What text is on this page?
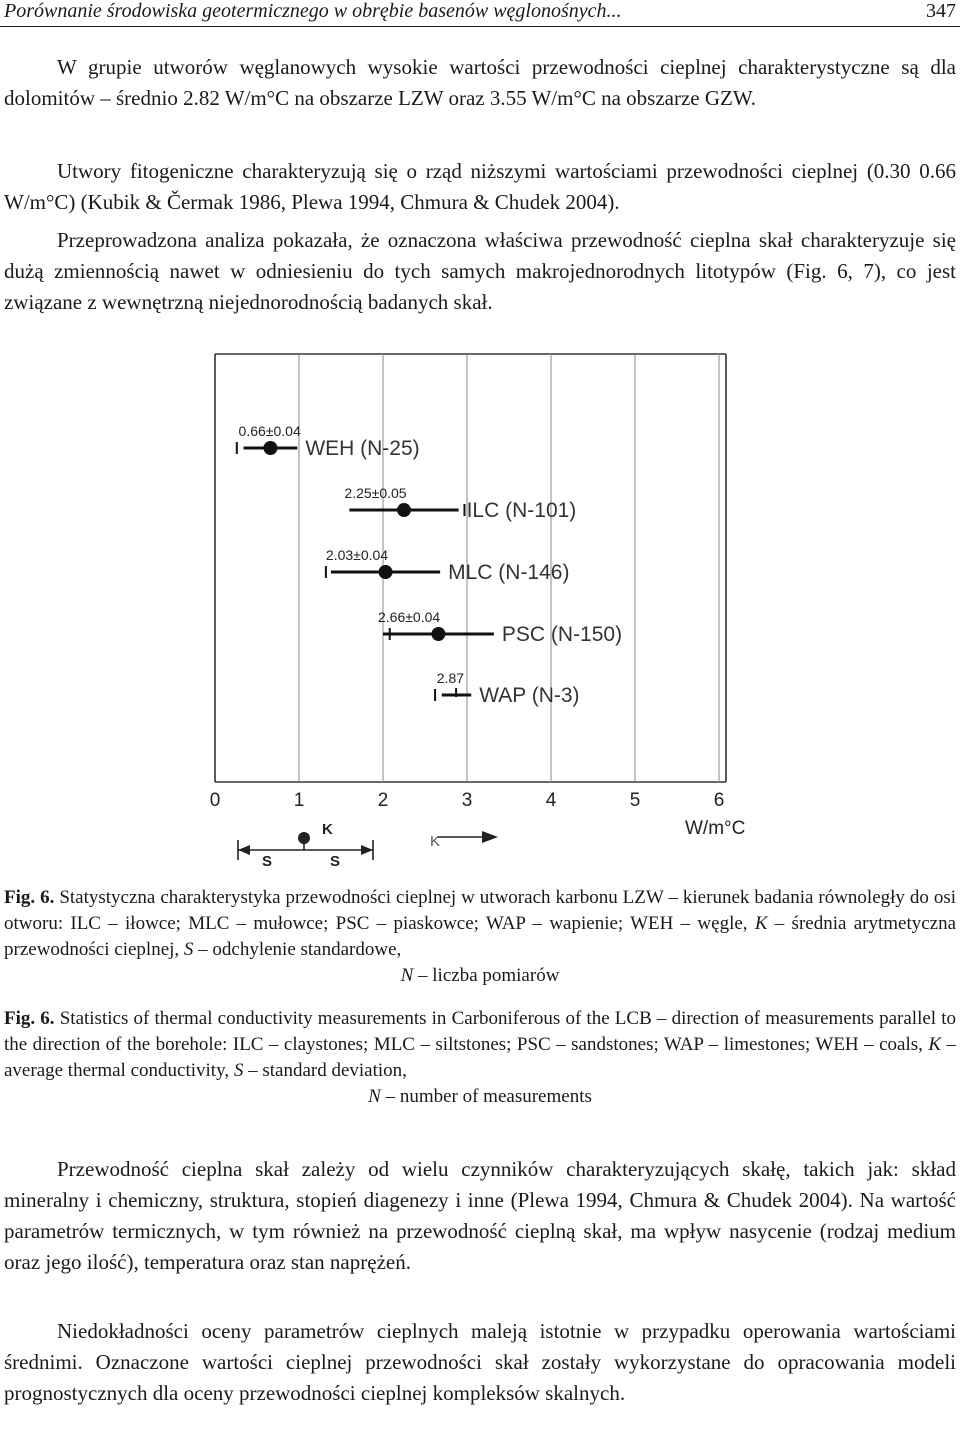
Porównanie środowiska geotermicznego w obrębie basenów węglonośnych...	347

W grupie utworów węglanowych wysokie wartości przewodności cieplnej charakterystyczne są dla dolomitów – średnio 2.82 W/m°C na obszarze LZW oraz 3.55 W/m°C na obszarze GZW.

Utwory fitogeniczne charakteryzują się o rząd niższymi wartościami przewodności cieplnej (0.30 0.66 W/m°C) (Kubik & Čermak 1986, Plewa 1994, Chmura & Chudek 2004).

Przeprowadzona analiza pokazała, że oznaczona właściwa przewodność cieplna skał charakteryzuje się dużą zmiennością nawet w odniesieniu do tych samych makrojednorodnych litotypów (Fig. 6, 7), co jest związane z wewnętrzną niejednorodnością badanych skał.

0.66±0.04
WEH (N-25)
2.25±0.05
ILC (N-101)
2.03±0.04
MLC (N-146)
2.66±0.04
PSC (N-150)
2.87
WAP (N-3)
0	1	2	3	4	5	6
W/m°C
K
S	S
K
Fig. 6. Statystyczna charakterystyka przewodności cieplnej w utworach karbonu LZW – kierunek badania równoległy do osi otworu: ILC – iłowce; MLC – mułowce; PSC – piaskowce; WAP – wapienie; WEH – węgle, K – średnia arytmetyczna przewodności cieplnej, S – odchylenie standardowe,
N – liczba pomiarów
Fig. 6. Statistics of thermal conductivity measurements in Carboniferous of the LCB – direction of measurements parallel to the direction of the borehole: ILC – claystones; MLC – siltstones; PSC – sandstones; WAP – limestones; WEH – coals, K – average thermal conductivity, S – standard deviation,
N – number of measurements

Przewodność cieplna skał zależy od wielu czynników charakteryzujących skałę, takich jak: skład mineralny i chemiczny, struktura, stopień diagenezy i inne (Plewa 1994, Chmura & Chudek 2004). Na wartość parametrów termicznych, w tym również na przewodność cieplną skał, ma wpływ nasycenie (rodzaj medium oraz jego ilość), temperatura oraz stan naprężeń.

Niedokładności oceny parametrów cieplnych maleją istotnie w przypadku operowania wartościami średnimi. Oznaczone wartości cieplnej przewodności skał zostały wykorzystane do opracowania modeli prognostycznych dla oceny przewodności cieplnej kompleksów skalnych.
